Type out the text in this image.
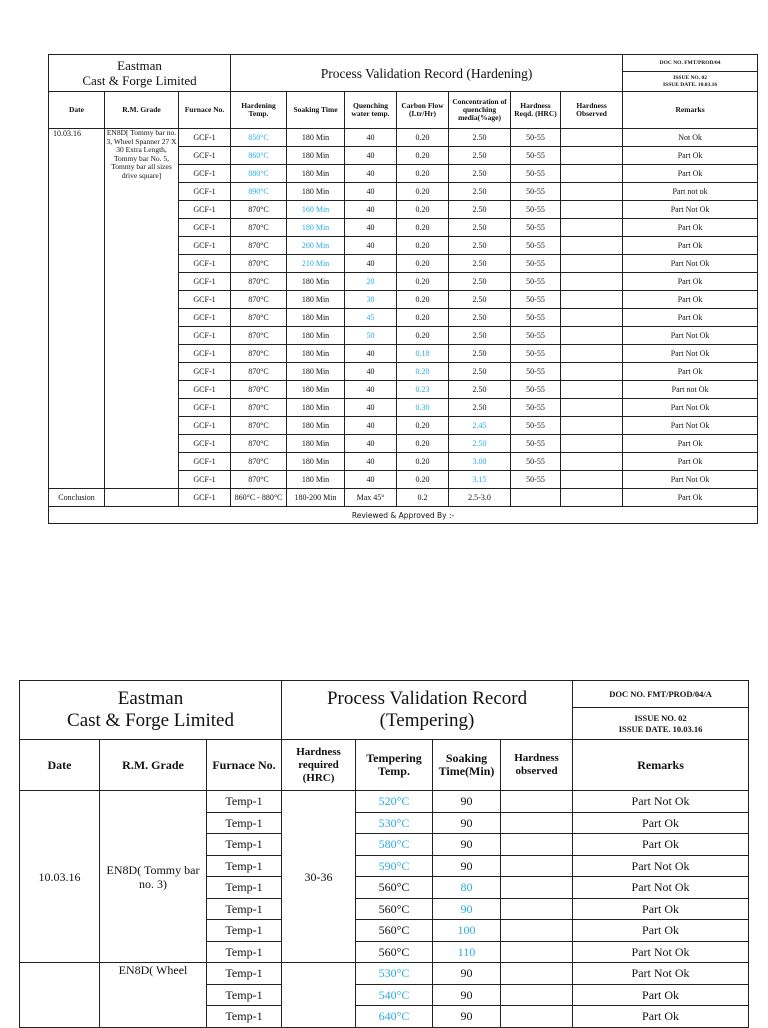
Eastman
Cast & Forge Limited			Process Validation Record (Hardening)							DOC NO. FMT/PROD/04
										ISSUE NO. 02
ISSUE DATE. 10.03.16
Date	R.M. Grade	Furnace No.	Hardening Temp.	Soaking Time	Quenching water temp.	Carbon Flow (Ltr/Hr)	Concentration of quenching media(%age)	Hardness Reqd. (HRC)	Hardness Observed	Remarks
10.03.16	EN8D[ Tommy bar no. 3, Wheel Spanner 27 X 30 Extra Length, Tommy bar No. 5, Tommy bar all sizes drive square]	GCF-1	850°C	180 Min	40	0.20	2.50	50-55		Not Ok
		GCF-1	860°C	180 Min	40	0.20	2.50	50-55		Part Ok
		GCF-1	880°C	180 Min	40	0.20	2.50	50-55		Part Ok
		GCF-1	890°C	180 Min	40	0.20	2.50	50-55		Part not ok
		GCF-1	870°C	160 Min	40	0.20	2.50	50-55		Part Not Ok
		GCF-1	870°C	180 Min	40	0.20	2.50	50-55		Part Ok
		GCF-1	870°C	200 Min	40	0.20	2.50	50-55		Part Ok
		GCF-1	870°C	210 Min	40	0.20	2.50	50-55		Part Not Ok
		GCF-1	870°C	180 Min	20	0.20	2.50	50-55		Part Ok
		GCF-1	870°C	180 Min	30	0.20	2.50	50-55		Part Ok
		GCF-1	870°C	180 Min	45	0.20	2.50	50-55		Part Ok
		GCF-1	870°C	180 Min	50	0.20	2.50	50-55		Part Not Ok
		GCF-1	870°C	180 Min	40	0.18	2.50	50-55		Part Not Ok
		GCF-1	870°C	180 Min	40	0.20	2.50	50-55		Part Ok
		GCF-1	870°C	180 Min	40	0.23	2.50	50-55		Part not Ok
		GCF-1	870°C	180 Min	40	0.30	2.50	50-55		Part Not Ok
		GCF-1	870°C	180 Min	40	0.20	2.45	50-55		Part Not Ok
		GCF-1	870°C	180 Min	40	0.20	2.50	50-55		Part Ok
		GCF-1	870°C	180 Min	40	0.20	3.00	50-55		Part Ok
		GCF-1	870°C	180 Min	40	0.20	3.15	50-55		Part Not Ok
Conclusion		GCF-1	860°C - 880°C	180-200 Min	Max 45°	0.2	2.5-3.0			Part Ok
Reviewed & Approved By :-										
Eastman
Cast & Forge Limited			Process Validation Record
(Tempering)				DOC NO. FMT/PROD/04/A
							ISSUE NO. 02
ISSUE DATE. 10.03.16
Date	R.M. Grade	Furnace No.	Hardness required (HRC)	Tempering Temp.	Soaking Time(Min)	Hardness observed	Remarks
10.03.16	EN8D( Tommy bar no. 3)	Temp-1	30-36	520°C	90		Part Not Ok
		Temp-1		530°C	90		Part Ok
		Temp-1		580°C	90		Part Ok
		Temp-1		590°C	90		Part Not Ok
		Temp-1		560°C	80		Part Not Ok
		Temp-1		560°C	90		Part Ok
		Temp-1		560°C	100		Part Ok
		Temp-1		560°C	110		Part Not Ok
	EN8D( Wheel	Temp-1		530°C	90		Part Not Ok
		Temp-1		540°C	90		Part Ok
		Temp-1		640°C	90		Part Ok
